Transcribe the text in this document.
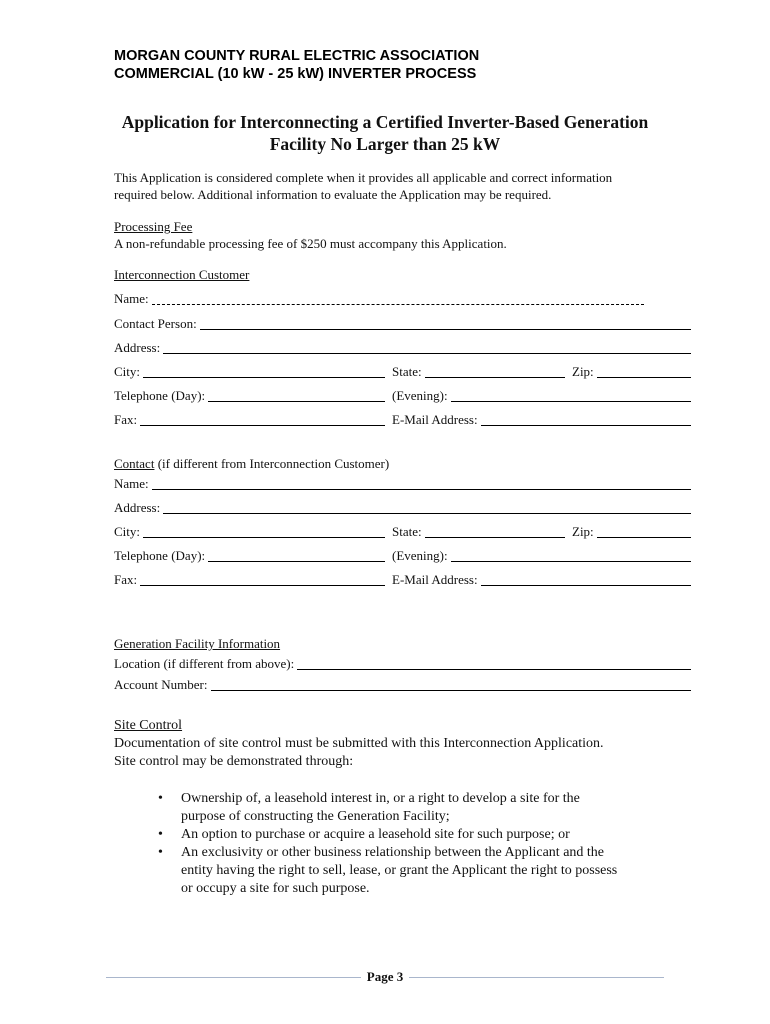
MORGAN COUNTY RURAL ELECTRIC ASSOCIATION
COMMERCIAL (10 kW - 25 kW) INVERTER PROCESS
Application for Interconnecting a Certified Inverter-Based Generation
Facility No Larger than 25 kW
This Application is considered complete when it provides all applicable and correct information
required below. Additional information to evaluate the Application may be required.
Processing Fee
A non-refundable processing fee of $250 must accompany this Application.
Interconnection Customer
Name:
Contact Person:
Address:
City:	State:	Zip:
Telephone (Day):	(Evening):
Fax:	E-Mail Address:
Contact (if different from Interconnection Customer)
Name:
Address:
City:	State:	Zip:
Telephone (Day):	(Evening):
Fax:	E-Mail Address:
Generation Facility Information
Location (if different from above):
Account Number:
Site Control
Documentation of site control must be submitted with this Interconnection Application.
Site control may be demonstrated through:
• Ownership of, a leasehold interest in, or a right to develop a site for the
purpose of constructing the Generation Facility;
• An option to purchase or acquire a leasehold site for such purpose; or
• An exclusivity or other business relationship between the Applicant and the
entity having the right to sell, lease, or grant the Applicant the right to possess
or occupy a site for such purpose.
Page 3
